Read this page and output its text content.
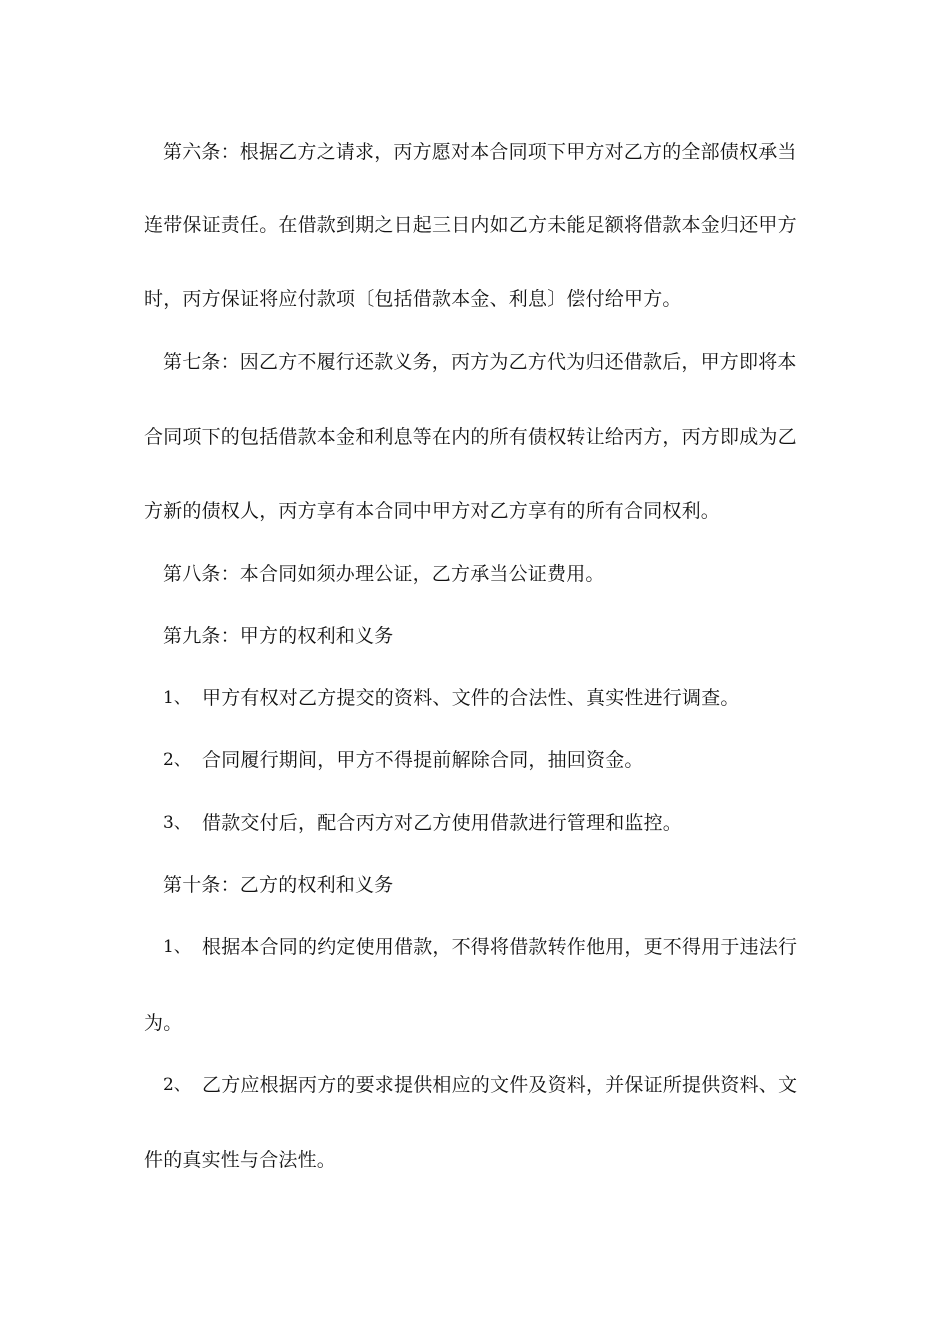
第六条：根据乙方之请求，丙方愿对本合同项下甲方对乙方的全部债权承当
连带保证责任。在借款到期之日起三日内如乙方未能足额将借款本金归还甲方
时，丙方保证将应付款项〔包括借款本金、利息〕偿付给甲方。
第七条：因乙方不履行还款义务，丙方为乙方代为归还借款后，甲方即将本
合同项下的包括借款本金和利息等在内的所有债权转让给丙方，丙方即成为乙
方新的债权人，丙方享有本合同中甲方对乙方享有的所有合同权利。
第八条：本合同如须办理公证，乙方承当公证费用。
第九条：甲方的权利和义务
1、 甲方有权对乙方提交的资料、文件的合法性、真实性进行调查。
2、 合同履行期间，甲方不得提前解除合同，抽回资金。
3、 借款交付后，配合丙方对乙方使用借款进行管理和监控。
第十条：乙方的权利和义务
1、 根据本合同的约定使用借款，不得将借款转作他用，更不得用于违法行
为。
2、 乙方应根据丙方的要求提供相应的文件及资料，并保证所提供资料、文
件的真实性与合法性。
